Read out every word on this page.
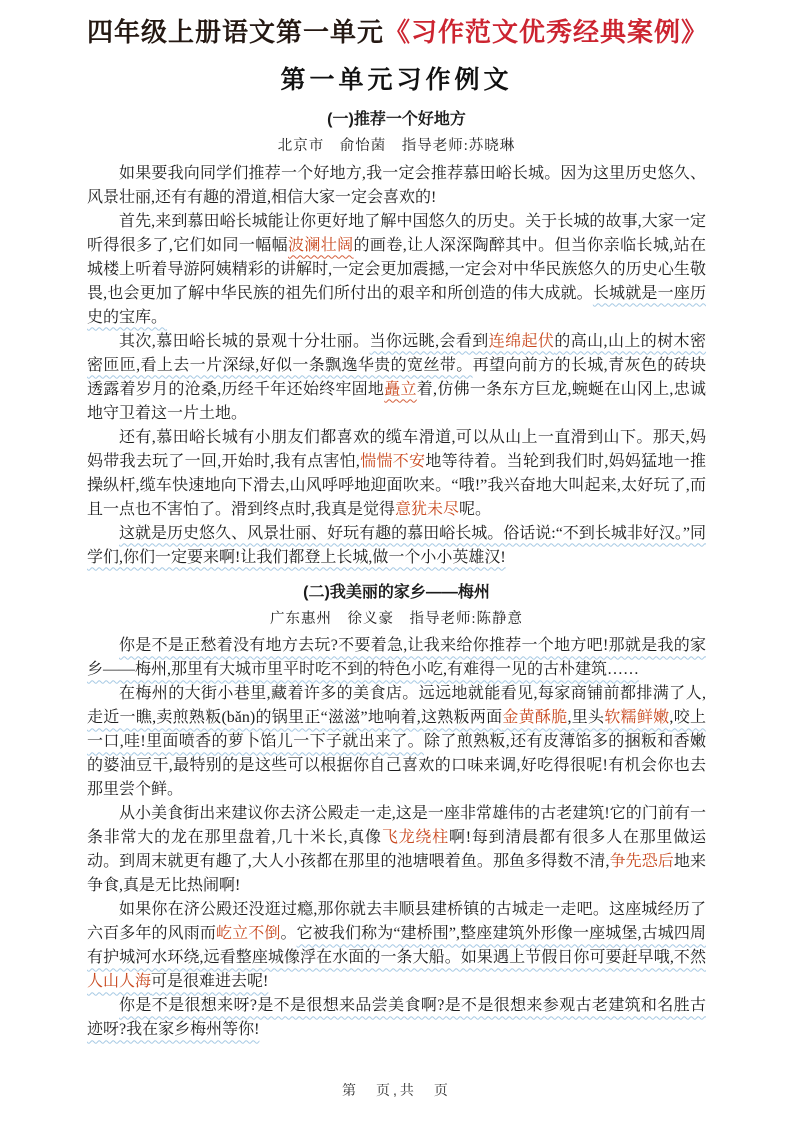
四年级上册语文第一单元《习作范文优秀经典案例》
第一单元习作例文
(一)推荐一个好地方
北京市　俞怡菌　指导老师:苏晓琳

如果要我向同学们推荐一个好地方,我一定会推荐慕田峪长城。因为这里历史悠久、风景壮丽,还有有趣的滑道,相信大家一定会喜欢的!

首先,来到慕田峪长城能让你更好地了解中国悠久的历史。关于长城的故事,大家一定听得很多了,它们如同一幅幅波澜壮阔的画卷,让人深深陶醉其中。但当你亲临长城,站在城楼上听着导游阿姨精彩的讲解时,一定会更加震撼,一定会对中华民族悠久的历史心生敬畏,也会更加了解中华民族的祖先们所付出的艰辛和所创造的伟大成就。长城就是一座历史的宝库。

其次,慕田峪长城的景观十分壮丽。当你远眺,会看到连绵起伏的高山,山上的树木密密匝匝,看上去一片深绿,好似一条飘逸华贵的宽丝带。再望向前方的长城,青灰色的砖块透露着岁月的沧桑,历经千年还始终牢固地矗立着,仿佛一条东方巨龙,蜿蜒在山冈上,忠诚地守卫着这一片土地。

还有,慕田峪长城有小朋友们都喜欢的缆车滑道,可以从山上一直滑到山下。那天,妈妈带我去玩了一回,开始时,我有点害怕,惴惴不安地等待着。当轮到我们时,妈妈猛地一推操纵杆,缆车快速地向下滑去,山风呼呼地迎面吹来。“哦!”我兴奋地大叫起来,太好玩了,而且一点也不害怕了。滑到终点时,我真是觉得意犹未尽呢。

这就是历史悠久、风景壮丽、好玩有趣的慕田峪长城。俗话说:“不到长城非好汉。”同学们,你们一定要来啊!让我们都登上长城,做一个小小英雄汉!

(二)我美丽的家乡——梅州
广东惠州　徐义豪　指导老师:陈静意

你是不是正愁着没有地方去玩?不要着急,让我来给你推荐一个地方吧!那就是我的家乡——梅州,那里有大城市里平时吃不到的特色小吃,有难得一见的古朴建筑……

在梅州的大街小巷里,藏着许多的美食店。远远地就能看见,每家商铺前都排满了人,走近一瞧,卖煎熟粄(bǎn)的锅里正“滋滋”地响着,这熟粄两面金黄酥脆,里头软糯鲜嫩,咬上一口,哇!里面喷香的萝卜馅儿一下子就出来了。除了煎熟粄,还有皮薄馅多的捆粄和香嫩的婆油豆干,最特别的是这些可以根据你自己喜欢的口味来调,好吃得很呢!有机会你也去那里尝个鲜。

从小美食街出来建议你去济公殿走一走,这是一座非常雄伟的古老建筑!它的门前有一条非常大的龙在那里盘着,几十米长,真像飞龙绕柱啊!每到清晨都有很多人在那里做运动。到周末就更有趣了,大人小孩都在那里的池塘喂着鱼。那鱼多得数不清,争先恐后地来争食,真是无比热闹啊!

如果你在济公殿还没逛过瘾,那你就去丰顺县建桥镇的古城走一走吧。这座城经历了六百多年的风雨而屹立不倒。它被我们称为“建桥围”,整座建筑外形像一座城堡,古城四周有护城河水环绕,远看整座城像浮在水面的一条大船。如果遇上节假日你可要赶早哦,不然人山人海可是很难进去呢!

你是不是很想来呀?是不是很想来品尝美食啊?是不是很想来参观古老建筑和名胜古迹呀?我在家乡梅州等你!

第　页,共　页
